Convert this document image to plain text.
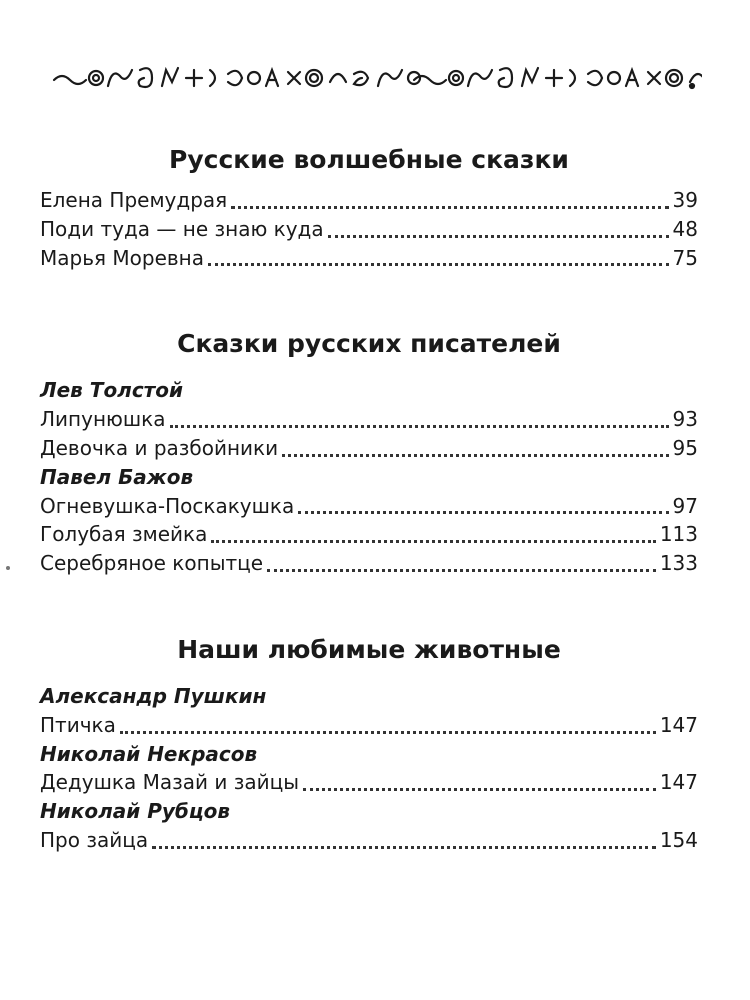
Русские волшебные сказки
Елена Премудрая	39
Поди туда — не знаю куда	48
Марья Моревна	75
Сказки русских писателей
Лев Толстой
Липунюшка	93
Девочка и разбойники	95
Павел Бажов
Огневушка-Поскакушка	97
Голубая змейка	113
Серебряное копытце	133
Наши любимые животные
Александр Пушкин
Птичка	147
Николай Некрасов
Дедушка Мазай и зайцы	147
Николай Рубцов
Про зайца	154
